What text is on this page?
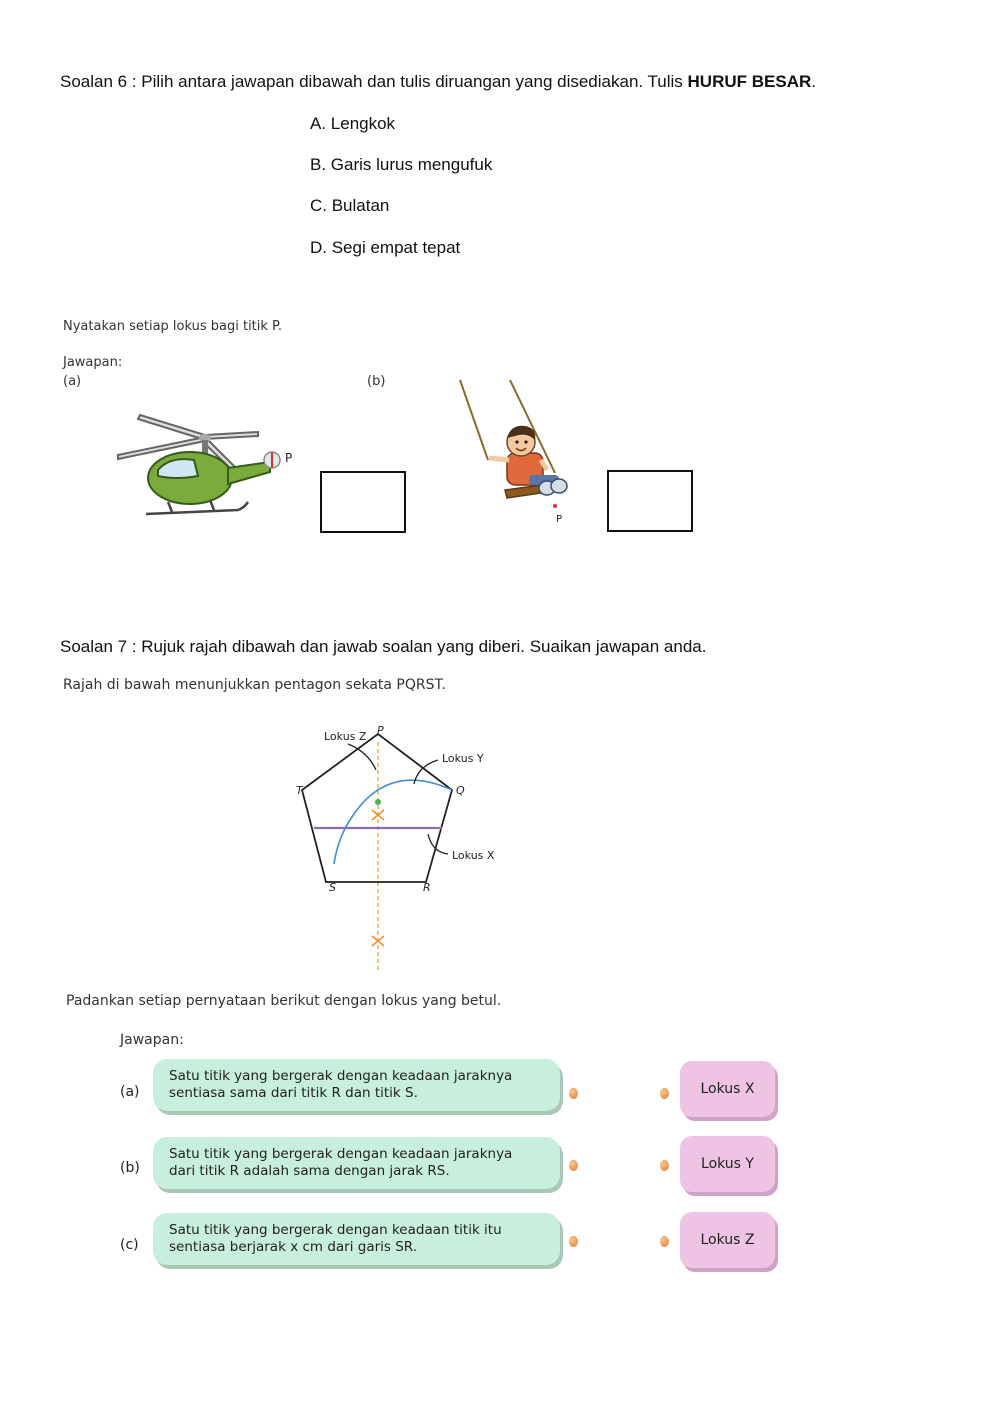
Soalan 6 : Pilih antara jawapan dibawah dan tulis diruangan yang disediakan. Tulis HURUF BESAR.
A. Lengkok
B. Garis lurus mengufuk
C. Bulatan
D. Segi empat tepat
Nyatakan setiap lokus bagi titik P.
Jawapan:
(a)	(b)
P
P
Soalan 7 : Rujuk rajah dibawah dan jawab soalan yang diberi. Suaikan jawapan anda.
Rajah di bawah menunjukkan pentagon sekata PQRST.
Lokus Z P
Lokus Y
T	Q
Lokus X
S	R
Padankan setiap pernyataan berikut dengan lokus yang betul.
Jawapan:
(a)
Satu titik yang bergerak dengan keadaan jaraknya
sentiasa sama dari titik R dan titik S.	Lokus X
(b)
Satu titik yang bergerak dengan keadaan jaraknya
dari titik R adalah sama dengan jarak RS.	Lokus Y
(c)
Satu titik yang bergerak dengan keadaan titik itu
sentiasa berjarak x cm dari garis SR.	Lokus Z
